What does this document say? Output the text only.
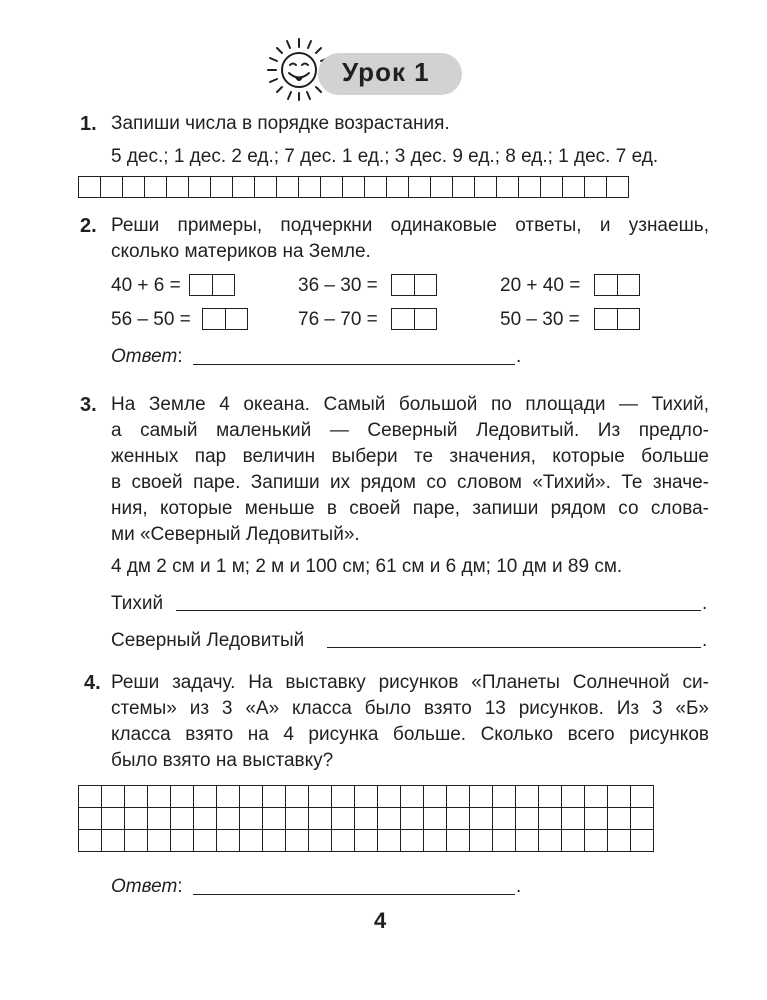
Урок 1
1. Запиши числа в порядке возрастания.
5 дес.; 1 дес. 2 ед.; 7 дес. 1 ед.; 3 дес. 9 ед.; 8 ед.; 1 дес. 7 ед.

2. Реши примеры, подчеркни одинаковые ответы, и узнаешь,
сколько материков на Земле.
40 + 6 =	36 – 30 =	20 + 40 =
56 – 50 =	76 – 70 =	50 – 30 =
Ответ:	.
3. На Земле 4 океана. Самый большой по площади — Тихий,
а самый маленький — Северный Ледовитый. Из предло-
женных пар величин выбери те значения, которые больше
в своей паре. Запиши их рядом со словом «Тихий». Те значе-
ния, которые меньше в своей паре, запиши рядом со слова-
ми «Северный Ледовитый».
4 дм 2 см и 1 м; 2 м и 100 см; 61 см и 6 дм; 10 дм и 89 см.
Тихий	.
Северный Ледовитый	.
4. Реши задачу. На выставку рисунков «Планеты Солнечной си-
стемы» из 3 «А» класса было взято 13 рисунков. Из 3 «Б»
класса взято на 4 рисунка больше. Сколько всего рисунков
было взято на выставку?

Ответ:	.
4
